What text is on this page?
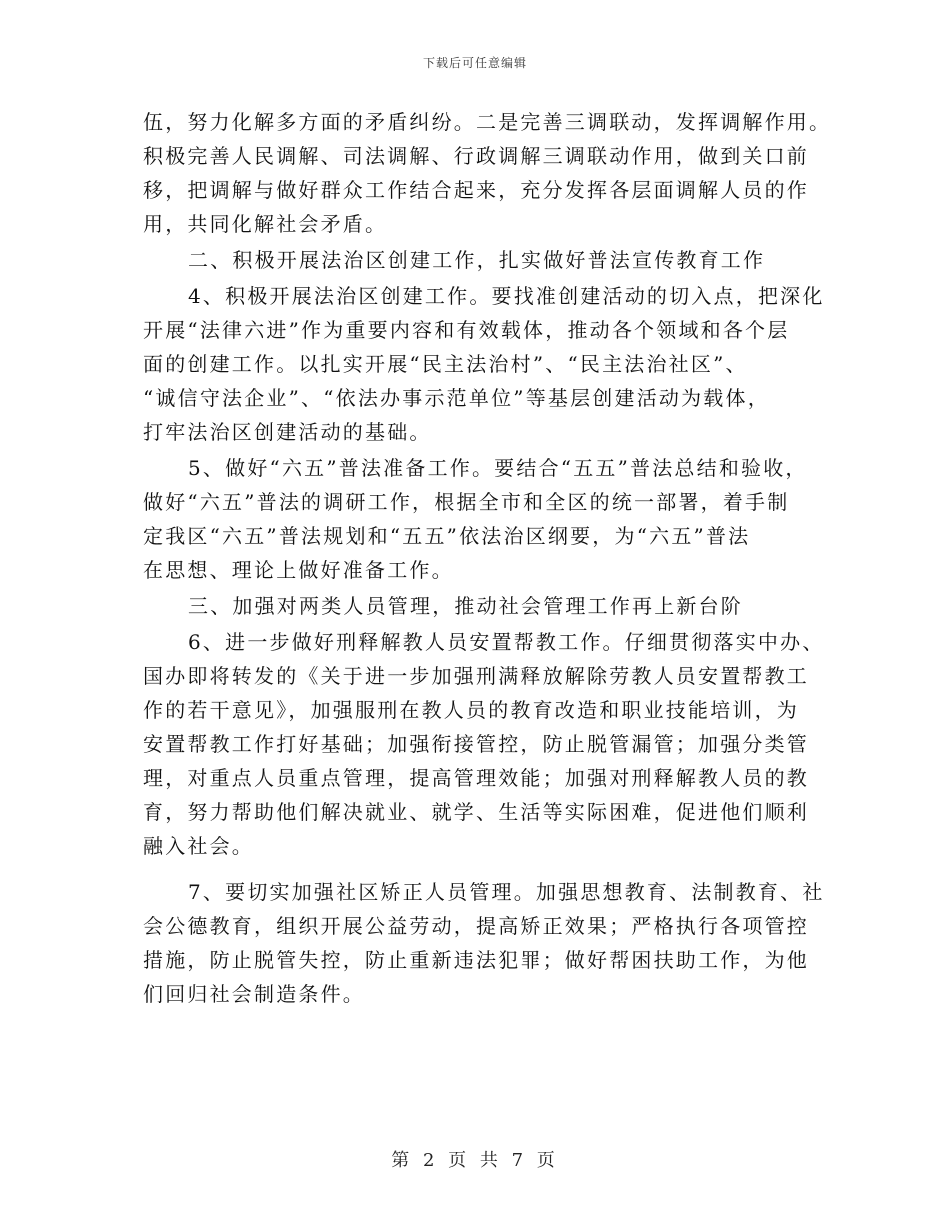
下载后可任意编辑

伍，努力化解多方面的矛盾纠纷。二是完善三调联动，发挥调解作用。
积极完善人民调解、司法调解、行政调解三调联动作用，做到关口前
移，把调解与做好群众工作结合起来，充分发挥各层面调解人员的作
用，共同化解社会矛盾。

二、积极开展法治区创建工作，扎实做好普法宣传教育工作

4、积极开展法治区创建工作。要找准创建活动的切入点，把深化
开展“法律六进”作为重要内容和有效载体，推动各个领域和各个层
面的创建工作。以扎实开展“民主法治村”、“民主法治社区”、
“诚信守法企业”、“依法办事示范单位”等基层创建活动为载体，
打牢法治区创建活动的基础。

5、做好“六五”普法准备工作。要结合“五五”普法总结和验收，
做好“六五”普法的调研工作，根据全市和全区的统一部署，着手制
定我区“六五”普法规划和“五五”依法治区纲要，为“六五”普法
在思想、理论上做好准备工作。

三、加强对两类人员管理，推动社会管理工作再上新台阶

6、进一步做好刑释解教人员安置帮教工作。仔细贯彻落实中办、
国办即将转发的《关于进一步加强刑满释放解除劳教人员安置帮教工
作的若干意见》，加强服刑在教人员的教育改造和职业技能培训，为
安置帮教工作打好基础；加强衔接管控，防止脱管漏管；加强分类管
理，对重点人员重点管理，提高管理效能；加强对刑释解教人员的教
育，努力帮助他们解决就业、就学、生活等实际困难，促进他们顺利
融入社会。

7、要切实加强社区矫正人员管理。加强思想教育、法制教育、社
会公德教育，组织开展公益劳动，提高矫正效果；严格执行各项管控
措施，防止脱管失控，防止重新违法犯罪；做好帮困扶助工作，为他
们回归社会制造条件。

第 2 页 共 7 页
